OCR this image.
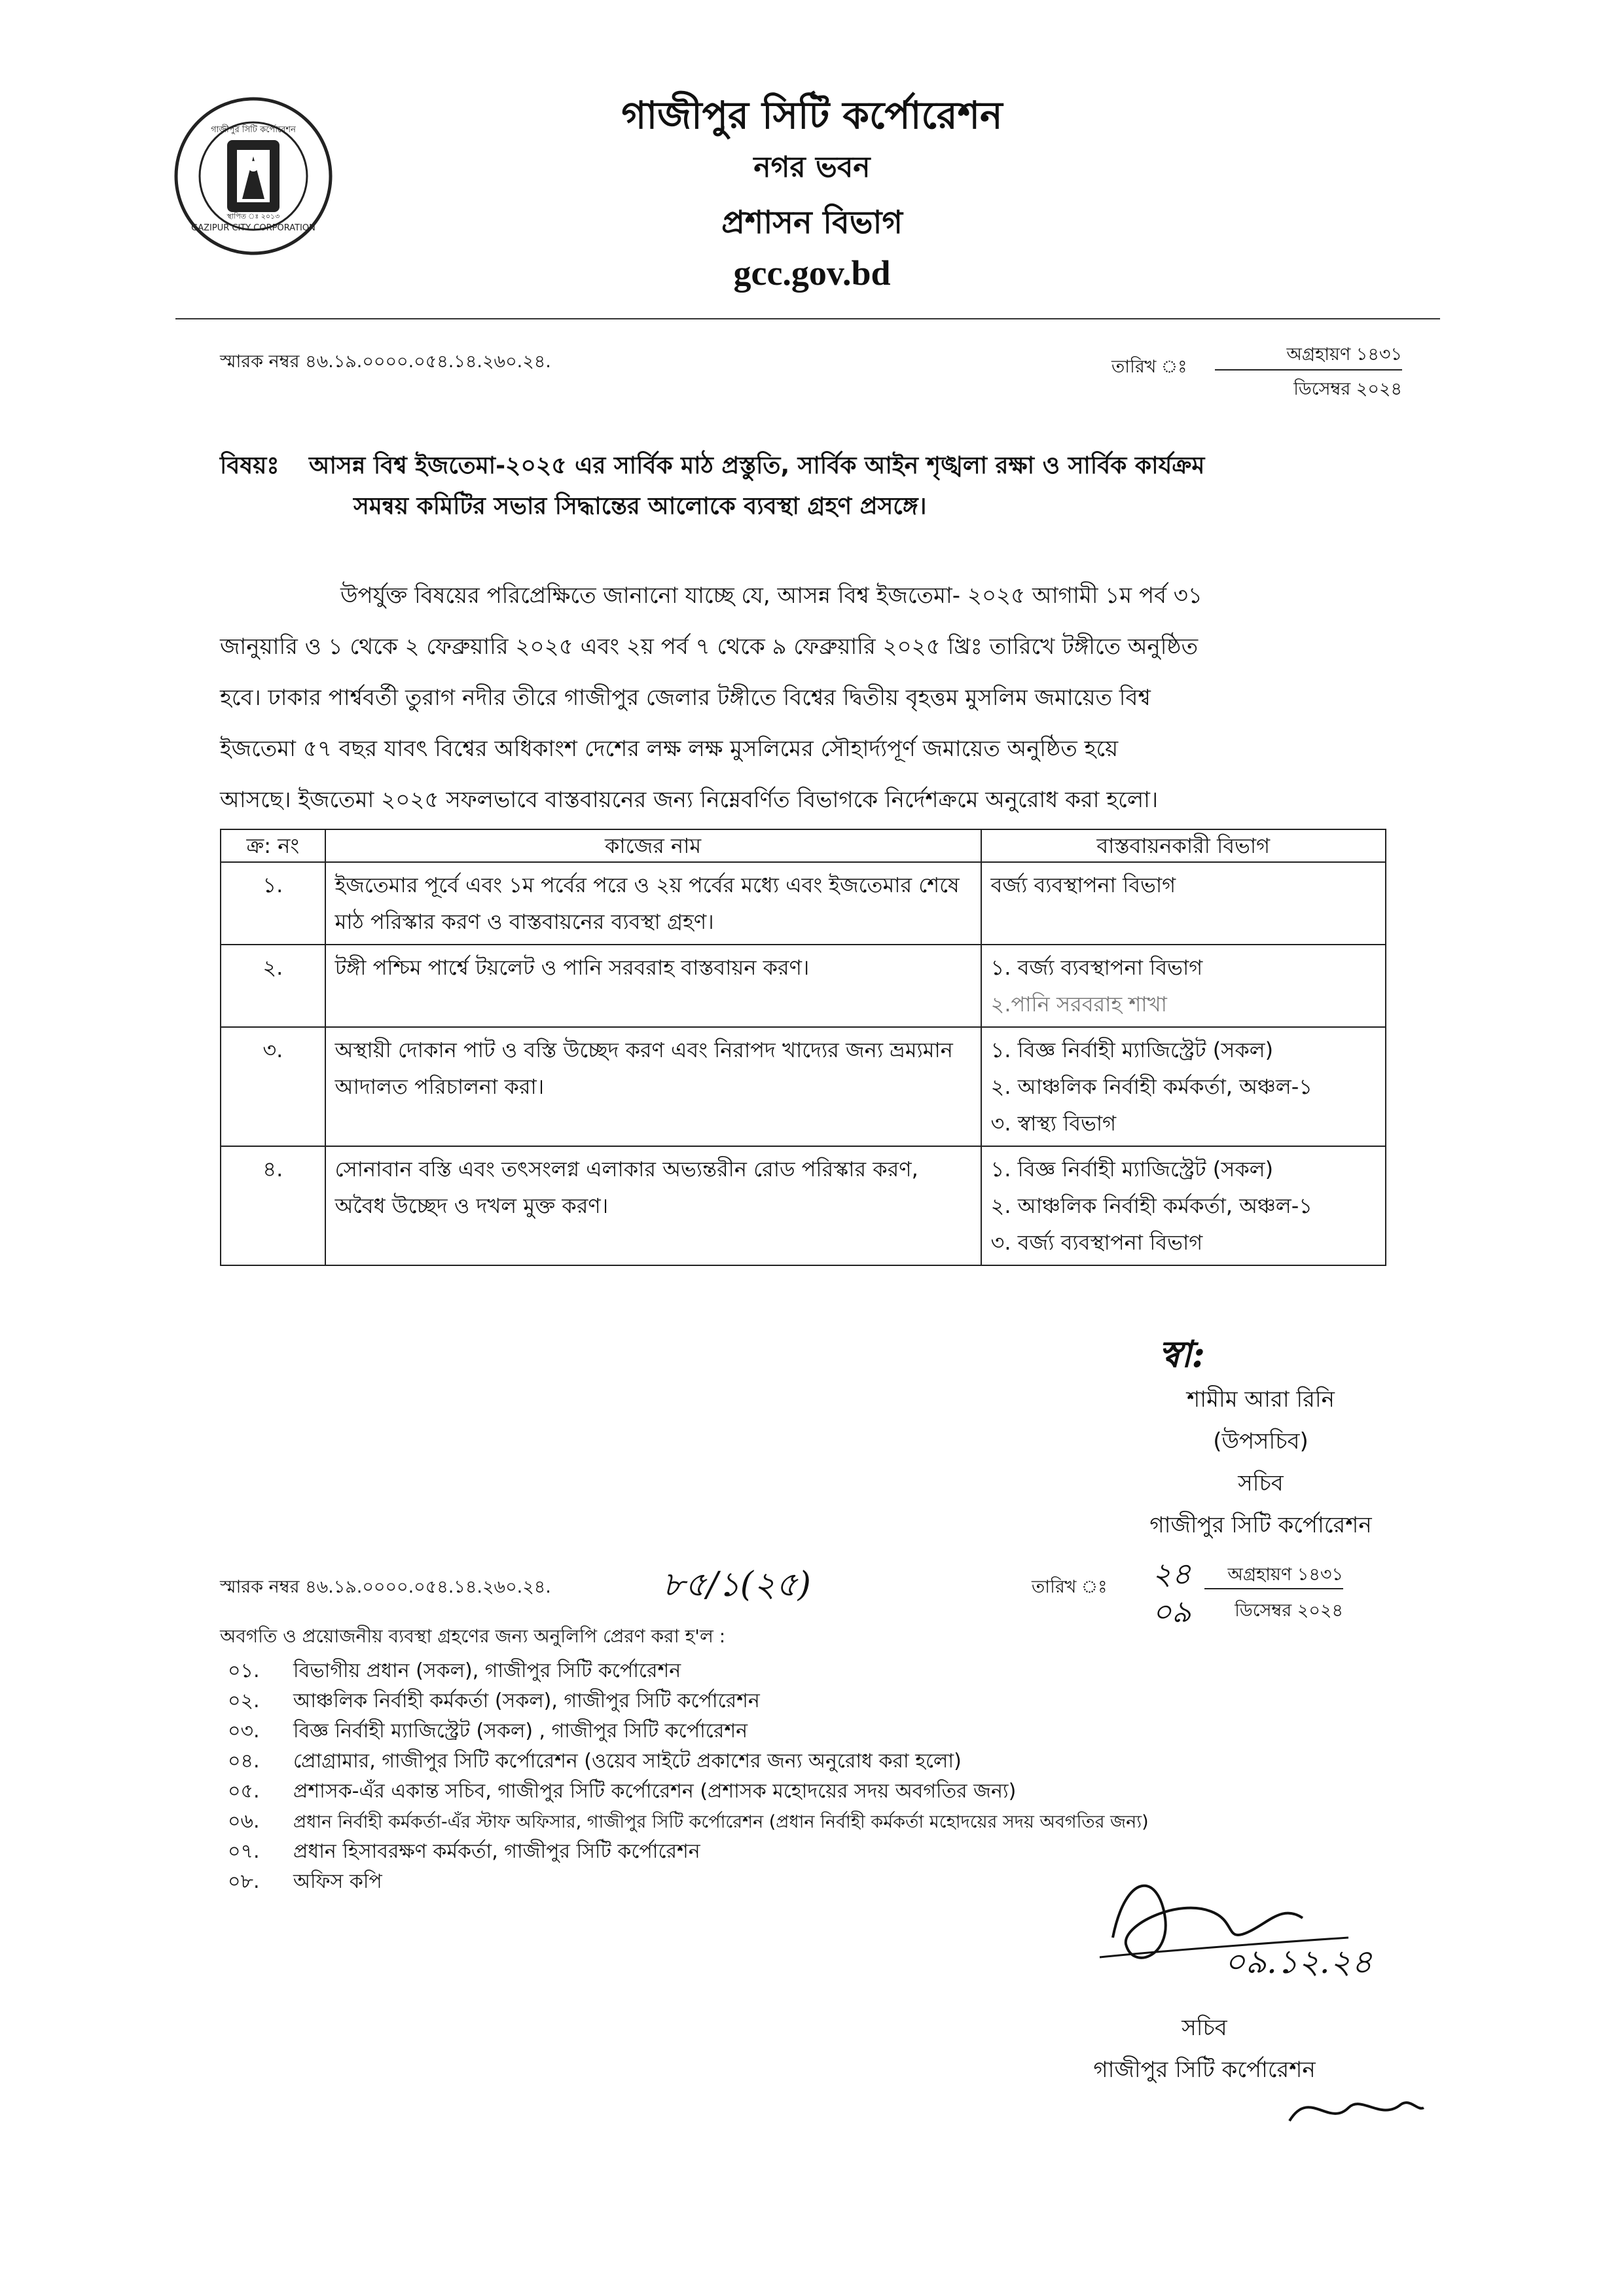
GAZIPUR CITY CORPORATION
গাজীপুর সিটি কর্পোরেশন
স্থাপিত ঃ ২০১৩
গাজীপুর সিটি কর্পোরেশন
নগর ভবন
প্রশাসন বিভাগ
gcc.gov.bd
স্মারক নম্বর ৪৬.১৯.০০০০.০৫৪.১৪.২৬০.২৪.	তারিখ ঃ
অগ্রহায়ণ ১৪৩১
ডিসেম্বর ২০২৪
বিষয়ঃ আসন্ন বিশ্ব ইজতেমা-২০২৫ এর সার্বিক মাঠ প্রস্তুতি, সার্বিক আইন শৃঙ্খলা রক্ষা ও সার্বিক কার্যক্রম
সমন্বয় কমিটির সভার সিদ্ধান্তের আলোকে ব্যবস্থা গ্রহণ প্রসঙ্গে।
উপর্যুক্ত বিষয়ের পরিপ্রেক্ষিতে জানানো যাচ্ছে যে, আসন্ন বিশ্ব ইজতেমা- ২০২৫ আগামী ১ম পর্ব ৩১
জানুয়ারি ও ১ থেকে ২ ফেব্রুয়ারি ২০২৫ এবং ২য় পর্ব ৭ থেকে ৯ ফেব্রুয়ারি ২০২৫ খ্রিঃ তারিখে টঙ্গীতে অনুষ্ঠিত
হবে। ঢাকার পার্শ্ববর্তী তুরাগ নদীর তীরে গাজীপুর জেলার টঙ্গীতে বিশ্বের দ্বিতীয় বৃহত্তম মুসলিম জমায়েত বিশ্ব
ইজতেমা ৫৭ বছর যাবৎ বিশ্বের অধিকাংশ দেশের লক্ষ লক্ষ মুসলিমের সৌহার্দ্যপূর্ণ জমায়েত অনুষ্ঠিত হয়ে
আসছে। ইজতেমা ২০২৫ সফলভাবে বাস্তবায়নের জন্য নিম্নেবর্ণিত বিভাগকে নির্দেশক্রমে অনুরোধ করা হলো।
ক্র: নং	কাজের নাম	বাস্তবায়নকারী বিভাগ
১.	ইজতেমার পূর্বে এবং ১ম পর্বের পরে ও ২য় পর্বের মধ্যে এবং ইজতেমার শেষে মাঠ পরিস্কার করণ ও বাস্তবায়নের ব্যবস্থা গ্রহণ।	বর্জ্য ব্যবস্থাপনা বিভাগ

২.	টঙ্গী পশ্চিম পার্শ্বে টয়লেট ও পানি সরবরাহ বাস্তবায়ন করণ।	১. বর্জ্য ব্যবস্থাপনা বিভাগ
২.পানি সরবরাহ শাখা

৩.	অস্থায়ী দোকান পাট ও বস্তি উচ্ছেদ করণ এবং নিরাপদ খাদ্যের জন্য ভ্রম্যমান আদালত পরিচালনা করা।	১. বিজ্ঞ নির্বাহী ম্যাজিস্ট্রেট (সকল)
২. আঞ্চলিক নির্বাহী কর্মকর্তা, অঞ্চল-১
৩. স্বাস্থ্য বিভাগ

৪.	সোনাবান বস্তি এবং তৎসংলগ্ন এলাকার অভ্যন্তরীন রোড পরিস্কার করণ, অবৈধ উচ্ছেদ ও দখল মুক্ত করণ।	১. বিজ্ঞ নির্বাহী ম্যাজিস্ট্রেট (সকল)
২. আঞ্চলিক নির্বাহী কর্মকর্তা, অঞ্চল-১
৩. বর্জ্য ব্যবস্থাপনা বিভাগ
স্বা:
শামীম আরা রিনি
(উপসচিব)
সচিব
গাজীপুর সিটি কর্পোরেশন
স্মারক নম্বর ৪৬.১৯.০০০০.০৫৪.১৪.২৬০.২৪.	৮৫/১(২৫)	তারিখ ঃ ২৪	অগ্রহায়ণ ১৪৩১
০৯	ডিসেম্বর ২০২৪
অবগতি ও প্রয়োজনীয় ব্যবস্থা গ্রহণের জন্য অনুলিপি প্রেরণ করা হ'ল :
০১. বিভাগীয় প্রধান (সকল), গাজীপুর সিটি কর্পোরেশন
০২. আঞ্চলিক নির্বাহী কর্মকর্তা (সকল), গাজীপুর সিটি কর্পোরেশন
০৩. বিজ্ঞ নির্বাহী ম্যাজিস্ট্রেট (সকল) , গাজীপুর সিটি কর্পোরেশন
০৪. প্রোগ্রামার, গাজীপুর সিটি কর্পোরেশন (ওয়েব সাইটে প্রকাশের জন্য অনুরোধ করা হলো)
০৫. প্রশাসক-এঁর একান্ত সচিব, গাজীপুর সিটি কর্পোরেশন (প্রশাসক মহোদয়ের সদয় অবগতির জন্য)
০৬. প্রধান নির্বাহী কর্মকর্তা-এঁর স্টাফ অফিসার, গাজীপুর সিটি কর্পোরেশন (প্রধান নির্বাহী কর্মকর্তা মহোদয়ের সদয় অবগতির জন্য)
০৭. প্রধান হিসাবরক্ষণ কর্মকর্তা, গাজীপুর সিটি কর্পোরেশন
০৮. অফিস কপি
০৯.১২.২৪
সচিব
গাজীপুর সিটি কর্পোরেশন
